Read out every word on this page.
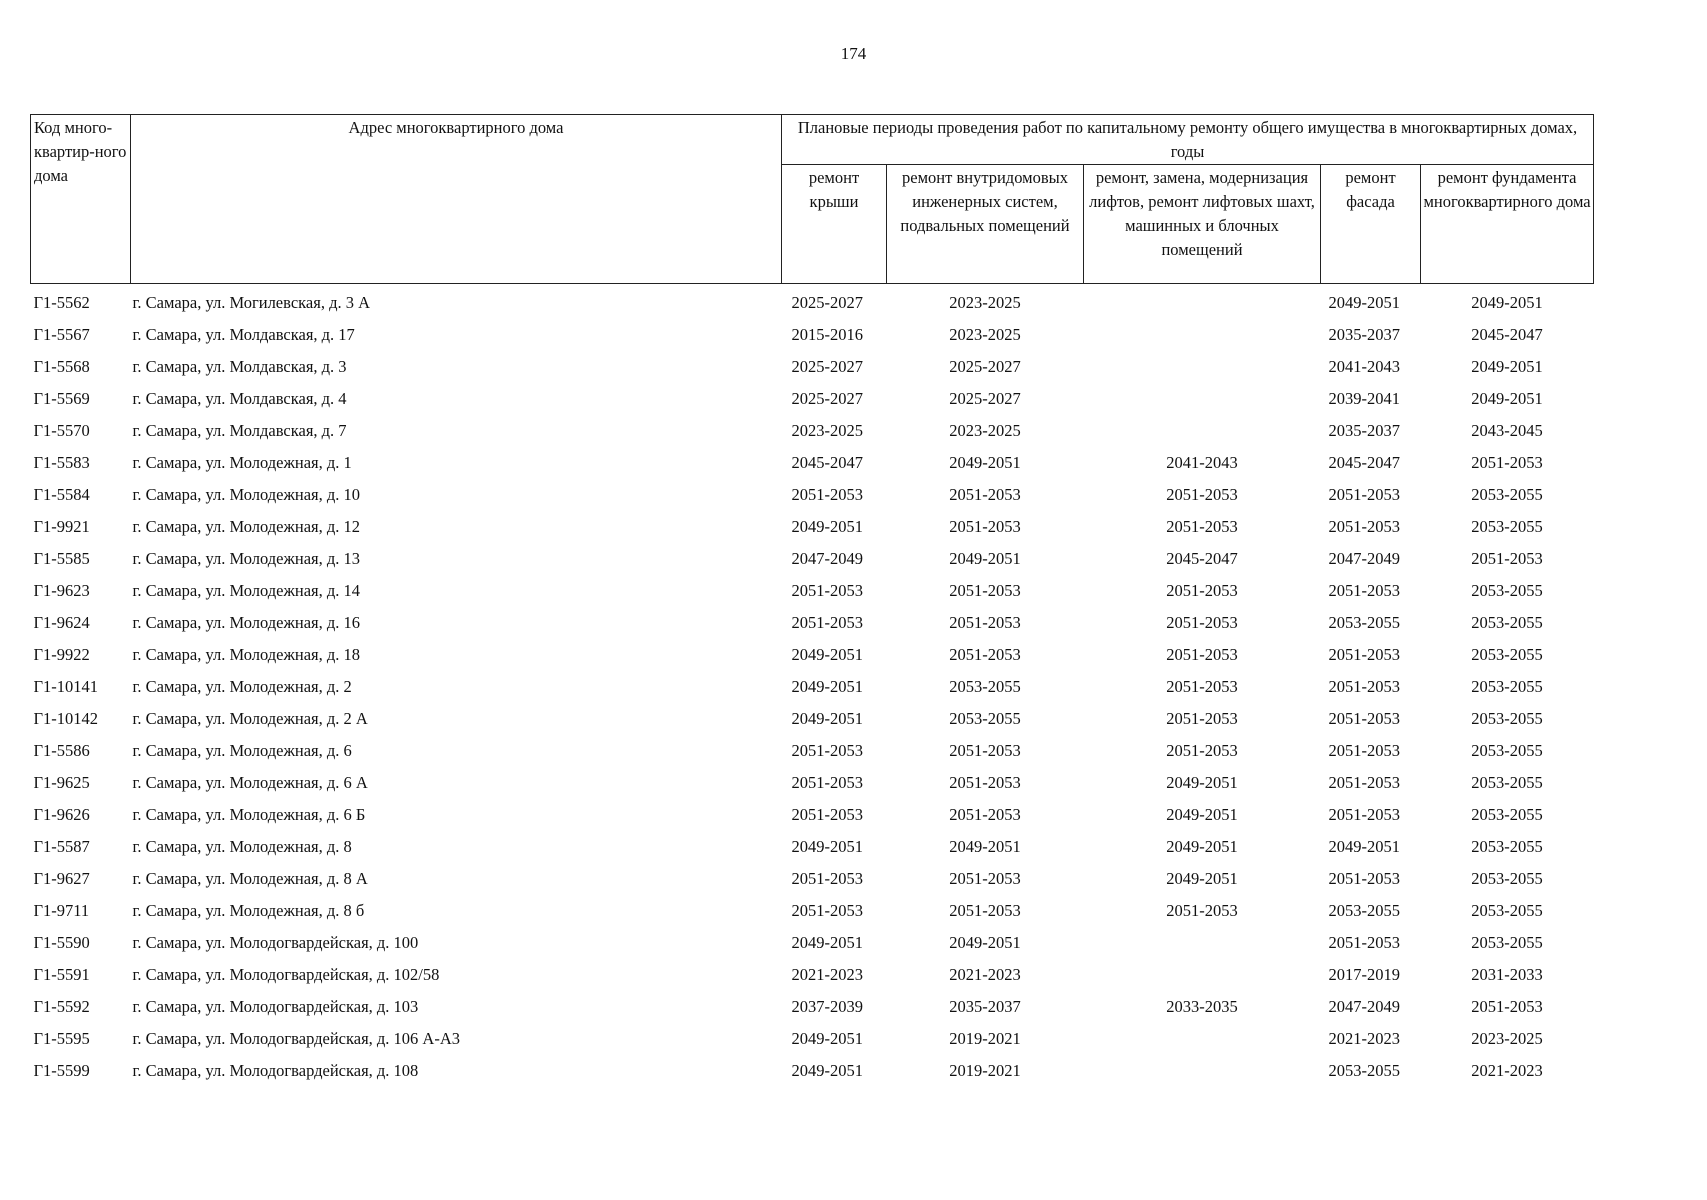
174
Код много-квартир-ного дома	Адрес многоквартирного дома	Плановые периоды проведения работ по капитальному ремонту общего имущества в многоквартирных домах, годы				
		ремонт крыши	ремонт внутридомовых инженерных систем, подвальных помещений	ремонт, замена, модернизация лифтов, ремонт лифтовых шахт, машинных и блочных помещений	ремонт фасада	ремонт фундамента многоквартирного дома
Г1-5562	г. Самара, ул. Могилевская, д. 3 А	2025-2027	2023-2025		2049-2051	2049-2051
Г1-5567	г. Самара, ул. Молдавская, д. 17	2015-2016	2023-2025		2035-2037	2045-2047
Г1-5568	г. Самара, ул. Молдавская, д. 3	2025-2027	2025-2027		2041-2043	2049-2051
Г1-5569	г. Самара, ул. Молдавская, д. 4	2025-2027	2025-2027		2039-2041	2049-2051
Г1-5570	г. Самара, ул. Молдавская, д. 7	2023-2025	2023-2025		2035-2037	2043-2045
Г1-5583	г. Самара, ул. Молодежная, д. 1	2045-2047	2049-2051	2041-2043	2045-2047	2051-2053
Г1-5584	г. Самара, ул. Молодежная, д. 10	2051-2053	2051-2053	2051-2053	2051-2053	2053-2055
Г1-9921	г. Самара, ул. Молодежная, д. 12	2049-2051	2051-2053	2051-2053	2051-2053	2053-2055
Г1-5585	г. Самара, ул. Молодежная, д. 13	2047-2049	2049-2051	2045-2047	2047-2049	2051-2053
Г1-9623	г. Самара, ул. Молодежная, д. 14	2051-2053	2051-2053	2051-2053	2051-2053	2053-2055
Г1-9624	г. Самара, ул. Молодежная, д. 16	2051-2053	2051-2053	2051-2053	2053-2055	2053-2055
Г1-9922	г. Самара, ул. Молодежная, д. 18	2049-2051	2051-2053	2051-2053	2051-2053	2053-2055
Г1-10141	г. Самара, ул. Молодежная, д. 2	2049-2051	2053-2055	2051-2053	2051-2053	2053-2055
Г1-10142	г. Самара, ул. Молодежная, д. 2 А	2049-2051	2053-2055	2051-2053	2051-2053	2053-2055
Г1-5586	г. Самара, ул. Молодежная, д. 6	2051-2053	2051-2053	2051-2053	2051-2053	2053-2055
Г1-9625	г. Самара, ул. Молодежная, д. 6 А	2051-2053	2051-2053	2049-2051	2051-2053	2053-2055
Г1-9626	г. Самара, ул. Молодежная, д. 6 Б	2051-2053	2051-2053	2049-2051	2051-2053	2053-2055
Г1-5587	г. Самара, ул. Молодежная, д. 8	2049-2051	2049-2051	2049-2051	2049-2051	2053-2055
Г1-9627	г. Самара, ул. Молодежная, д. 8 А	2051-2053	2051-2053	2049-2051	2051-2053	2053-2055
Г1-9711	г. Самара, ул. Молодежная, д. 8 б	2051-2053	2051-2053	2051-2053	2053-2055	2053-2055
Г1-5590	г. Самара, ул. Молодогвардейская, д. 100	2049-2051	2049-2051		2051-2053	2053-2055
Г1-5591	г. Самара, ул. Молодогвардейская, д. 102/58	2021-2023	2021-2023		2017-2019	2031-2033
Г1-5592	г. Самара, ул. Молодогвардейская, д. 103	2037-2039	2035-2037	2033-2035	2047-2049	2051-2053
Г1-5595	г. Самара, ул. Молодогвардейская, д. 106 А-А3	2049-2051	2019-2021		2021-2023	2023-2025
Г1-5599	г. Самара, ул. Молодогвардейская, д. 108	2049-2051	2019-2021		2053-2055	2021-2023
